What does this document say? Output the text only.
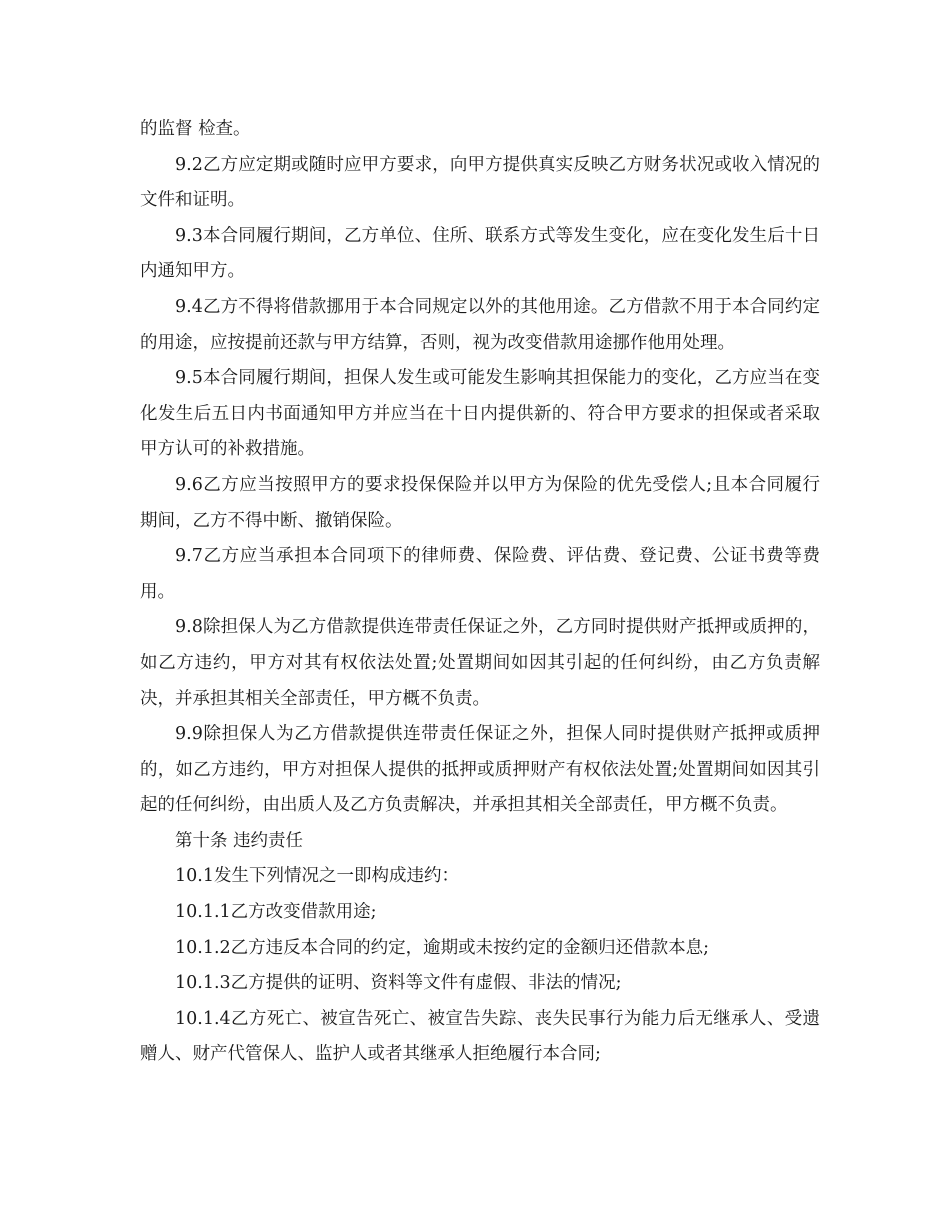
的监督 检查。

9.2乙方应定期或随时应甲方要求，向甲方提供真实反映乙方财务状况或收入情况的文件和证明。

9.3本合同履行期间，乙方单位、住所、联系方式等发生变化，应在变化发生后十日内通知甲方。

9.4乙方不得将借款挪用于本合同规定以外的其他用途。乙方借款不用于本合同约定的用途，应按提前还款与甲方结算，否则，视为改变借款用途挪作他用处理。

9.5本合同履行期间，担保人发生或可能发生影响其担保能力的变化，乙方应当在变化发生后五日内书面通知甲方并应当在十日内提供新的、符合甲方要求的担保或者采取甲方认可的补救措施。

9.6乙方应当按照甲方的要求投保保险并以甲方为保险的优先受偿人;且本合同履行期间，乙方不得中断、撤销保险。

9.7乙方应当承担本合同项下的律师费、保险费、评估费、登记费、公证书费等费用。

9.8除担保人为乙方借款提供连带责任保证之外，乙方同时提供财产抵押或质押的，如乙方违约，甲方对其有权依法处置;处置期间如因其引起的任何纠纷，由乙方负责解决，并承担其相关全部责任，甲方概不负责。

9.9除担保人为乙方借款提供连带责任保证之外，担保人同时提供财产抵押或质押的，如乙方违约，甲方对担保人提供的抵押或质押财产有权依法处置;处置期间如因其引起的任何纠纷，由出质人及乙方负责解决，并承担其相关全部责任，甲方概不负责。

第十条 违约责任

10.1发生下列情况之一即构成违约：

10.1.1乙方改变借款用途;

10.1.2乙方违反本合同的约定，逾期或未按约定的金额归还借款本息;

10.1.3乙方提供的证明、资料等文件有虚假、非法的情况;

10.1.4乙方死亡、被宣告死亡、被宣告失踪、丧失民事行为能力后无继承人、受遗赠人、财产代管保人、监护人或者其继承人拒绝履行本合同;
